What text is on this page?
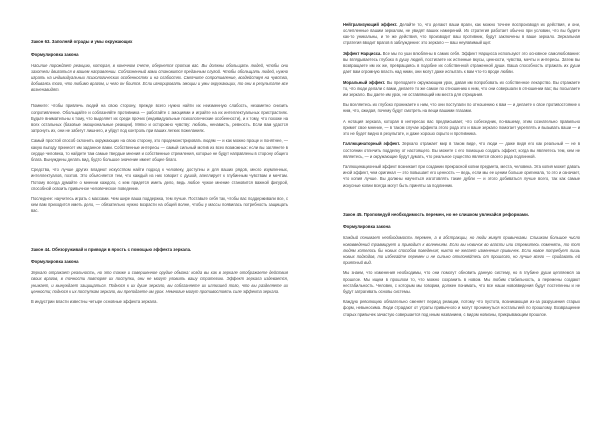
Закон 63. Заполняй ограды и умы окружающих
Формулировка закона
Насилие порождает реакцию, которая, в конечном счете, обернется против вас. Вы должны обольщать людей, чтобы они захотели двигаться в вашем направлении. Соблазненный вами становится преданным слугой. Чтобы обольщать людей, нужно играть на индивидуальных психологических особенностях и на слабостях. Смягчите сопротивление, воздействуя на чувства, добиваясь того, что любимо врагом, и чего он боится. Если игнорировать эмоции и умы окружающих, то они в результате все возненавидят.
Помните: чтобы привлечь людей на свою сторону, прежде всего нужно найти их неизменную слабость, незаметно снизить сопротивление. Обольщайте и соблазняйте противника — работайте с эмоциями и играйте на их интеллектуальных пристрастиях. Будьте внимательны к тому, что выделяет их среди прочих (индивидуальные психологические особенности), и к тому, что похоже на всех остальных (базовые эмоциональные реакции). Мягко и осторожно чувству: любовь, ненависть, ревность. Если вам удастся затронуть их, они не забегут лишнего, и уйдут под контроль при ваших легких пожеланиях.
Самый простой способ склонить окружающих на свою сторону, это продемонстрировать людям — и как можно проще и понятнее, — какую выгоду принесет им заданное вами. Собственные интересы — самый сильный мотив из всех возможных: если вы заглянете в сердце человека, то найдете там самые твердые мнения и собственные стремления, которые не будут направлены в сторону общего блага. Вынуждены делать вид, будто большое значение имеет общее благо.
Средства, что лучше других владеют искусством найти подход к человеку, доступны и для ваших рядов, много изумленных, интеллектуалов, поэтов. Это объясняется тем, что каждый из них говорит с душой, апеллирует к глубинным чувствам и мечтам. Потому всегда думайте о мнении каждого, с кем придется иметь дело, ведь любое чужое мнение становится важной фигурой, способной освоить привычное человеческое поведение.
Последнее: научитесь играть с массами. Чем шире ваша поддержка, тем лучше. Поставьте себя так, чтобы вас поддерживали все, с кем вам приходится иметь дело, — обязательно нужно возрасти на общей волне, чтобы у массы появилась потребность защищать вас.
Закон 44. Обезоруживай и приводи в ярость с помощью эффекта зеркала.
Формулировка закона
Зеркало отражает реальность, но это также и совершенное орудие обмана: когда вы как в зеркале отображаете действия своих врагов, в точности повторяя их поступки, они не могут уловить вашу стратегию. Эффект зеркала издевается, унижает, и вынуждает защищаться. Поднося к их душе зеркало, вы соблазняете их иллюзией того, что вы разделяете их ценности; поднося к их поступкам зеркало, вы преподаете им урок. Немногие могут противостоять силе эффекта зеркала.
В индустрии власти известны четыре основные эффекта зеркала.
Нейтрализующий эффект. Делайте то, что делают ваши враги, как можно точнее воспроизводя их действия, и они, ослепленные вашим зеркалом, не увидят ваших намерений. Их стратегия работает обычно при условии, что вы будете как-то уникальны, и те же действия, что производит ваш противник, будут заключены в ваше зеркало. Зеркальная стратегия вводит врагов в заблуждение: это зеркало — ваш неуязвимый щит.
Эффект Нарцисса. Все мы по уши влюблены в самих себя. Эффект Нарцисса используют это основное самолюбование: вы вглядываетесь глубоко в душу людей, постигаете их истинные вкусы, ценности, чувства, мечты и интересы. Затем вы возвращаете им их же, превращаясь в подобие их собственной отраженной души. Ваша способность отражать их души дает вам огромную власть над ними, они могут даже испытать к вам что-то вроде любви.
Моральный эффект. Вы преподаете окружающим урок, давая им попробовать их собственное лекарство. Вы отражаете то, что люди делали с вами, делаете то же самое по отношению к ним, что они совершали в отношении вас; вы посылаете им зеркало. Вы даете им урок, не оставляющий им места для отрицания.
Вы вселяетесь их глубоко проникаете к ним, что они поступали по отношению к вам — и делаете к свое противостояние к ним, что, ожидая, почему будут смотреть на вещи вашими глазами.
А нотация зеркала, которая в интересах вас предписывает, что собеседник, по-вашему, этим сознательно правильно примет свое мнение, — в таком случае эффекта этого рода это и ваше зеркало помогает укреплять и вызывать ваши — и это не будет видно в результате, и даже хорошо скрыто и противника.
Галлюцинаторный эффект. Зеркало отражает мир в таком виде, что люди — даже видя его как реальный — не в состоянии отличить подделку от настоящего. Вы можете с его помощью создать эффект, когда вы являетесь тем, кем не являетесь, — и окружающие будут думать, что реальное существо является своего рода подлинной.
Галлюцинационный эффект возникает при создании прекрасной копии предмета, места, человека. Эта копия может давать иной эффект, чем оригинал — это повышает его ценность — ведь, если мы ее ценим больше оригинала, то это и означает, что копия лучше. Вы должны научиться изготовлять такие дубли — и этого добиваться лучше всего, так как самые искусные копии всегда могут быть приняты за подлинник.
Закон 45. Проповедуй необходимость перемен, но не слишком увлекайся реформами.
Формулировка закона
Каждый понимает необходимость перемен, а в абстракции, но люди живут привычками. Слишком большое число нововведений травмирует и приводит к волнениям. Если вы новичок во власти или стремитесь поменять, то тот людям хотелось бы новых способов поведения; никто не желает изменения привычек. Если новое потребует лишь новых подходов, то избегайте перемен и не сильно отклоняйтесь от прошлого, но лучше всего — придавать ей приятный вид.
Мы знаем, что изменения необходимы, что они помогут обновить данную систему, но в глубине души цепляемся за прошлое. Мы ищем в прошлом то, что можно сохранить в новом. Мы любим стабильность, а перемены создают нестабильность. Человек, с которым мы говорим, должен понимать, что все наши нововведения будут постепенны и не будут затрагивать основы системы.
Каждую революцию обязательно сменяет период реакции, потому что пустота, возникающая из-за разрушения старых форм, невыносима. Люди страдают от утраты привычного и могут проникнуться ностальгией по прошлому. Возвращение старых привычек зачастую совершается под иным названием, с видом новизны, прикрывающим прошлое.
